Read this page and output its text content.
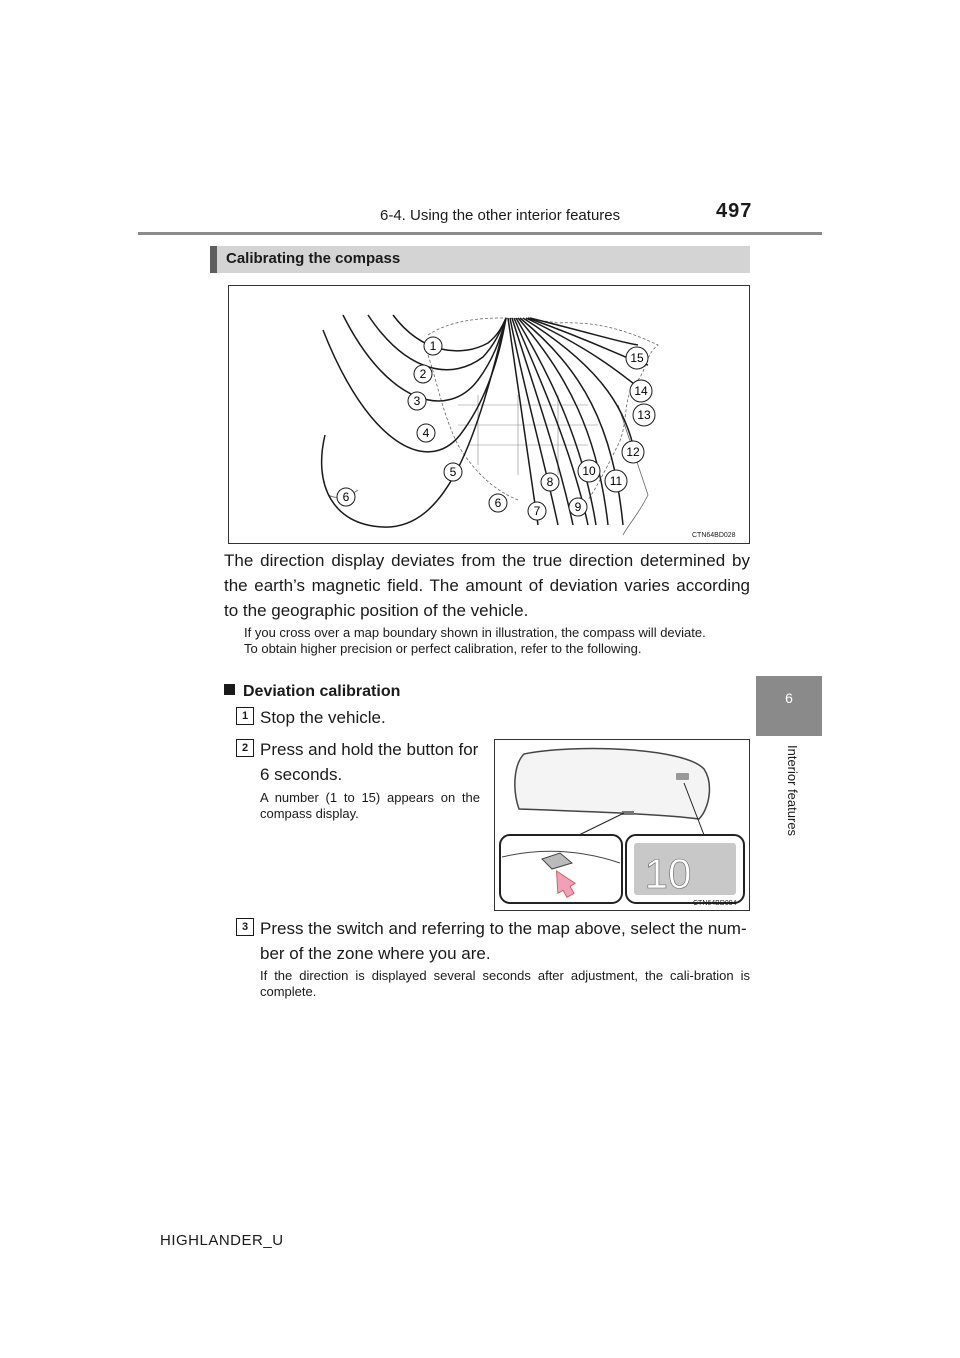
6-4. Using the other interior features	497
6
Interior features
Calibrating the compass
1
2
3
4
5
6	6
7
8
9
10
11
12
13
14
15
CTN64BD028
The direction display deviates from the true direction determined by the earth’s magnetic field. The amount of deviation varies according to the geographic position of the vehicle.
If you cross over a map boundary shown in illustration, the compass will deviate.
To obtain higher precision or perfect calibration, refer to the following.
Deviation calibration
1 Stop the vehicle.
2 Press and hold the button for 6 seconds.
A number (1 to 15) appears on the compass display.
10
CTN64BD094
3 Press the switch and referring to the map above, select the num-ber of the zone where you are.
If the direction is displayed several seconds after adjustment, the cali-bration is complete.
HIGHLANDER_U
